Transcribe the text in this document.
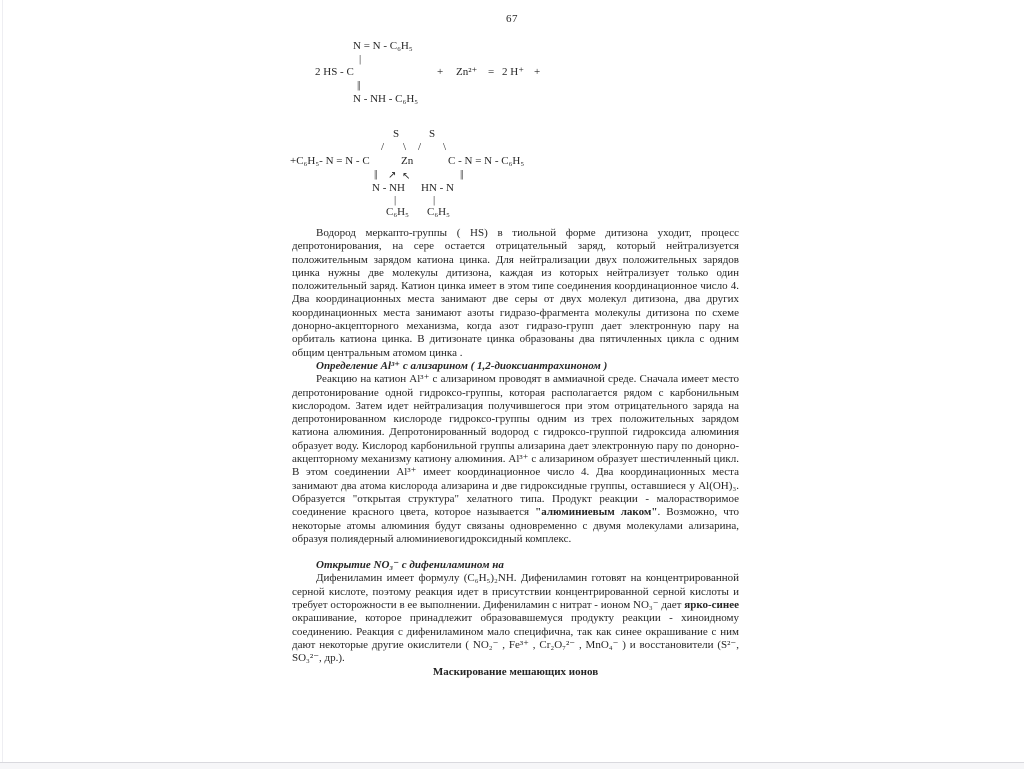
67
N = N - C₆H₅
|
2 HS - C	+ Zn²⁺ = 2 H⁺ +
||
N - NH - C₆H₅
S	S
/ \ / \
+C₆H₅- N = N - C	Zn	C - N = N - C₆H₅
|| ↗ ↖	||
N - NH HN - N
|	|
C₆H₅ C₆H₅

Водород меркапто-группы ( HS) в тиольной форме дитизона уходит, процесс депротонирования, на сере остается отрицательный заряд, который нейтрализуется положительным зарядом катиона цинка. Для нейтрализации двух положительных зарядов цинка нужны две молекулы дитизона, каждая из которых нейтрализует только один положительный заряд. Катион цинка имеет в этом типе соединения координационное число 4. Два координационных места занимают две серы от двух молекул дитизона, два других координационных места занимают азоты гидразо-фрагмента молекулы дитизона по схеме донорно-акцепторного механизма, когда азот гидразо-групп дает электронную пару на орбиталь катиона цинка. В дитизонате цинка образованы два пятичленных цикла с одним общим центральным атомом цинка .

Определение Al³⁺ с ализарином ( 1,2-диоксиантрахиноном )

Реакцию на катион Al³⁺ с ализарином проводят в аммиачной среде. Сначала имеет место депротонирование одной гидроксо-группы, которая располагается рядом с карбонильным кислородом. Затем идет нейтрализация получившегося при этом отрицательного заряда на депротонированном кислороде гидроксо-группы одним из трех положительных зарядом катиона алюминия. Депротонированный водород с гидроксо-группой гидроксида алюминия образует воду. Кислород карбонильной группы ализарина дает электронную пару по донорно-акцепторному механизму катиону алюминия. Al³⁺ с ализарином образует шестичленный цикл. В этом соединении Al³⁺ имеет координационное число 4. Два координационных места занимают два атома кислорода ализарина и две гидроксидные группы, оставшиеся у Al(OH)₃. Образуется "открытая структура" хелатного типа. Продукт реакции - малорастворимое соединение красного цвета, которое называется "алюминиевым лаком". Возможно, что некоторые атомы алюминия будут связаны одновременно с двумя молекулами ализарина, образуя полиядерный алюминиевогидроксидный комплекс.

Открытие NO₃⁻ с дифениламином на

Дифениламин имеет формулу (C₆H₅)₂NH. Дифениламин готовят на концентрированной серной кислоте, поэтому реакция идет в присутствии концентрированной серной кислоты и требует осторожности в ее выполнении. Дифениламин с нитрат - ионом NO₃⁻ дает ярко-синее окрашивание, которое принадлежит образовавшемуся продукту реакции - хиноидному соединению. Реакция с дифениламином мало специфична, так как синее окрашивание с ним дают некоторые другие окислители ( NO₂⁻ , Fe³⁺ , Cr₂O₇²⁻ , MnO₄⁻ ) и восстановители (S²⁻, SO₃²⁻, др.).

Маскирование мешающих ионов
